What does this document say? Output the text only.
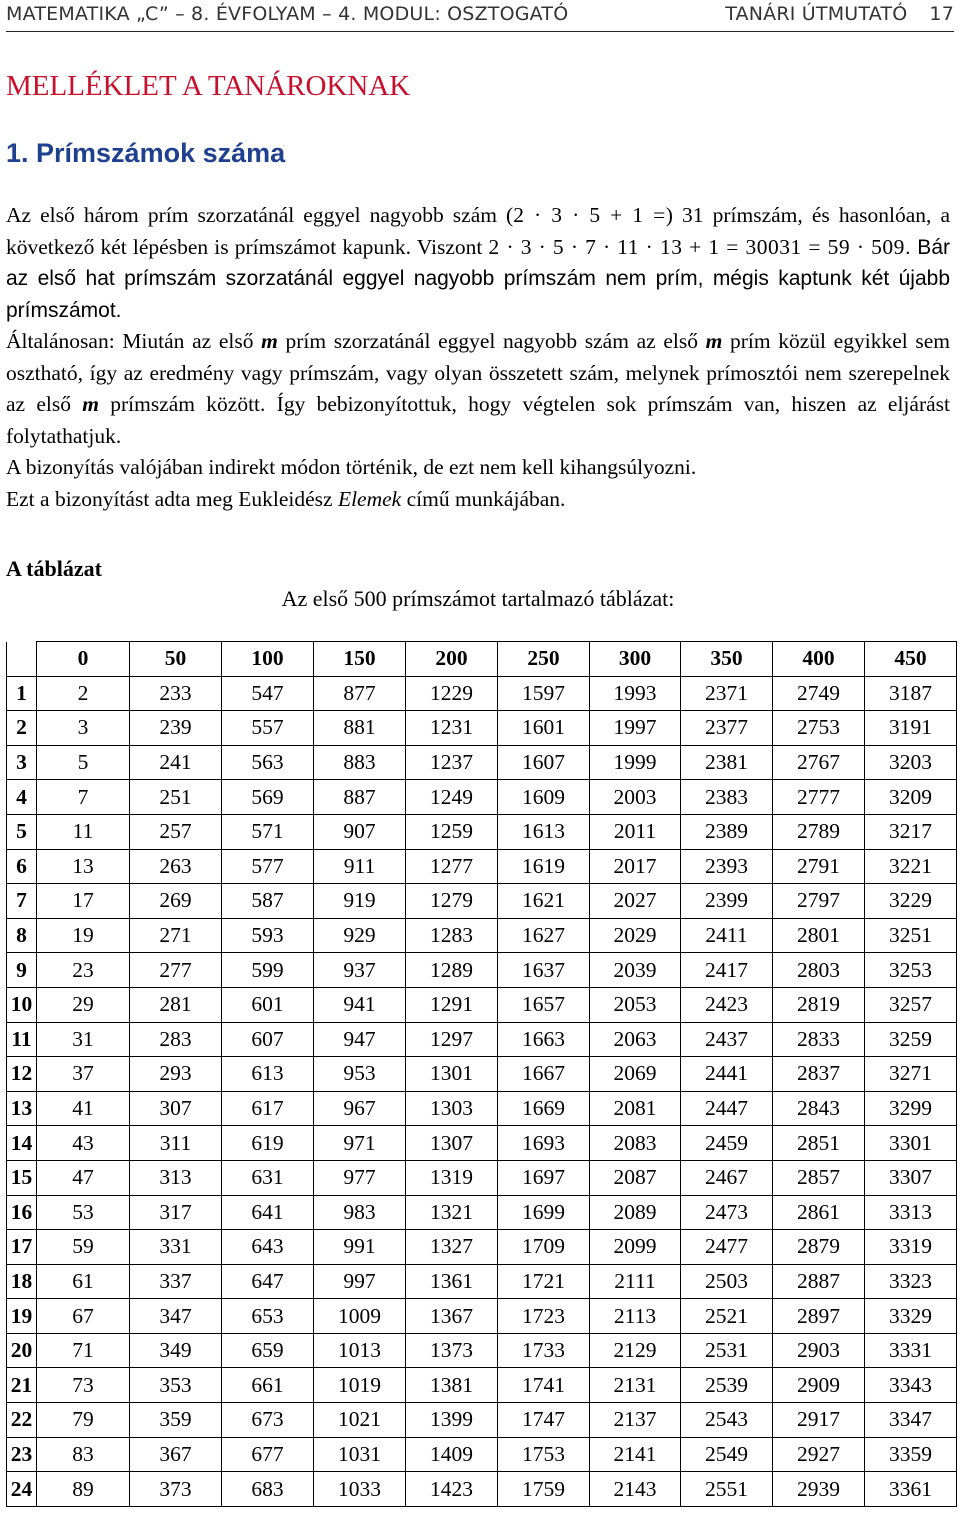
MATEMATIKA „C” – 8. ÉVFOLYAM – 4. MODUL: OSZTOGATÓ	TANÁRI ÚTMUTATÓ 17
MELLÉKLET A TANÁROKNAK
1. Prímszámok száma

Az első három prím szorzatánál eggyel nagyobb szám (2 · 3 · 5 + 1 =) 31 prímszám, és hasonlóan, a következő két lépésben is prímszámot kapunk. Viszont 2 · 3 · 5 · 7 · 11 · 13 + 1 = 30031 = 59 · 509. Bár az első hat prímszám szorzatánál eggyel nagyobb prímszám nem prím, mégis kaptunk két újabb prímszámot.

Általánosan: Miután az első m prím szorzatánál eggyel nagyobb szám az első m prím közül egyikkel sem osztható, így az eredmény vagy prímszám, vagy olyan összetett szám, melynek prímosztói nem szerepelnek az első m prímszám között. Így bebizonyítottuk, hogy végtelen sok prímszám van, hiszen az eljárást folytathatjuk.

A bizonyítás valójában indirekt módon történik, de ezt nem kell kihangsúlyozni.

Ezt a bizonyítást adta meg Eukleidész Elemek című munkájában.

A táblázat
Az első 500 prímszámot tartalmazó táblázat:
	0	50	100	150	200	250	300	350	400	450
1	2	233	547	877	1229	1597	1993	2371	2749	3187
2	3	239	557	881	1231	1601	1997	2377	2753	3191
3	5	241	563	883	1237	1607	1999	2381	2767	3203
4	7	251	569	887	1249	1609	2003	2383	2777	3209
5	11	257	571	907	1259	1613	2011	2389	2789	3217
6	13	263	577	911	1277	1619	2017	2393	2791	3221
7	17	269	587	919	1279	1621	2027	2399	2797	3229
8	19	271	593	929	1283	1627	2029	2411	2801	3251
9	23	277	599	937	1289	1637	2039	2417	2803	3253
10	29	281	601	941	1291	1657	2053	2423	2819	3257
11	31	283	607	947	1297	1663	2063	2437	2833	3259
12	37	293	613	953	1301	1667	2069	2441	2837	3271
13	41	307	617	967	1303	1669	2081	2447	2843	3299
14	43	311	619	971	1307	1693	2083	2459	2851	3301
15	47	313	631	977	1319	1697	2087	2467	2857	3307
16	53	317	641	983	1321	1699	2089	2473	2861	3313
17	59	331	643	991	1327	1709	2099	2477	2879	3319
18	61	337	647	997	1361	1721	2111	2503	2887	3323
19	67	347	653	1009	1367	1723	2113	2521	2897	3329
20	71	349	659	1013	1373	1733	2129	2531	2903	3331
21	73	353	661	1019	1381	1741	2131	2539	2909	3343
22	79	359	673	1021	1399	1747	2137	2543	2917	3347
23	83	367	677	1031	1409	1753	2141	2549	2927	3359
24	89	373	683	1033	1423	1759	2143	2551	2939	3361
